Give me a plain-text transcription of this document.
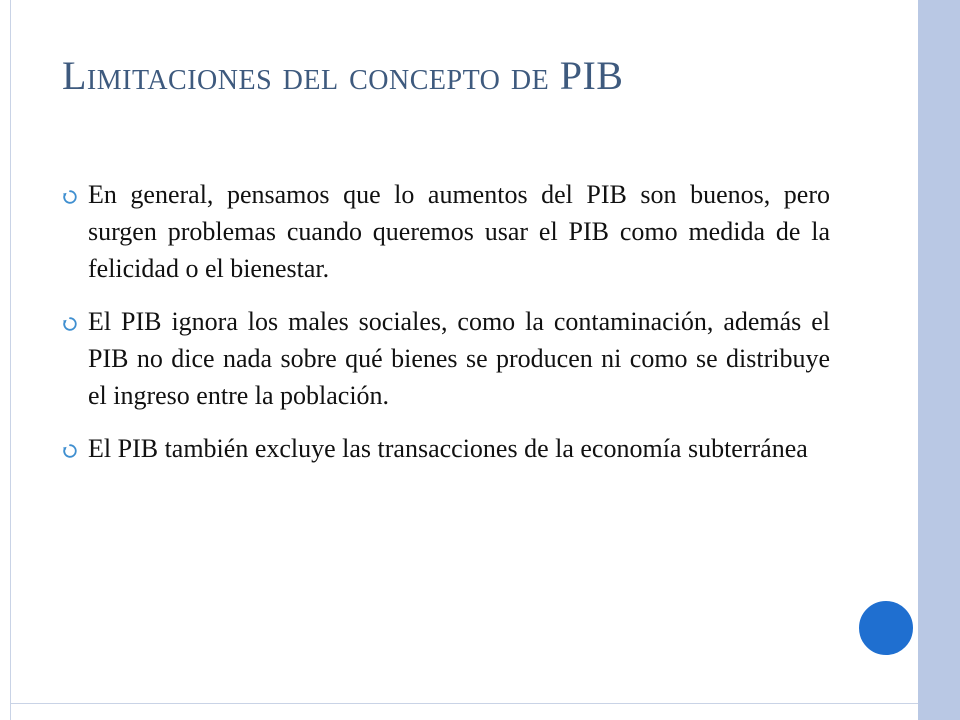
Limitaciones del concepto de PIB
En general, pensamos que lo aumentos del PIB son buenos, pero surgen problemas cuando queremos usar el PIB como medida de la felicidad o el bienestar.
El PIB ignora los males sociales, como la contaminación, además el PIB no dice nada sobre qué bienes se producen ni como se distribuye el ingreso entre la población.
El PIB también excluye las transacciones de la economía subterránea
